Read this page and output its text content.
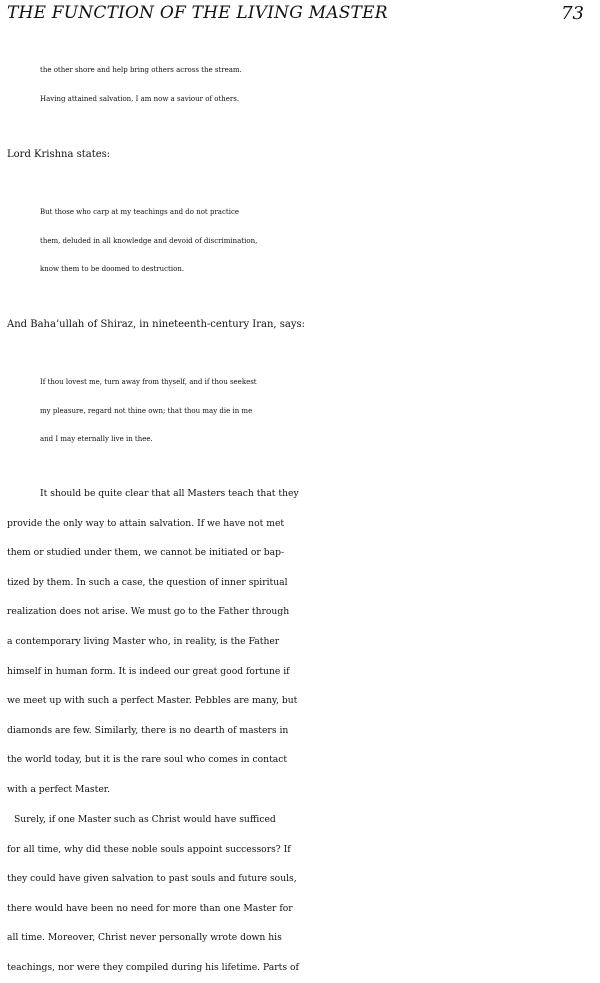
THE FUNCTION OF THE LIVING MASTER	73
the other shore and help bring others across the stream.
Having attained salvation, I am now a saviour of others.
Lord Krishna states:
But those who carp at my teachings and do not practice
them, deluded in all knowledge and devoid of discrimination,
know them to be doomed to destruction.
And Baha’ullah of Shiraz, in nineteenth-century Iran, says:
If thou lovest me, turn away from thyself, and if thou seekest
my pleasure, regard not thine own; that thou may die in me
and I may eternally live in thee.
It should be quite clear that all Masters teach that they
provide the only way to attain salvation. If we have not met
them or studied under them, we cannot be initiated or bap-
tized by them. In such a case, the question of inner spiritual
realization does not arise. We must go to the Father through
a contemporary living Master who, in reality, is the Father
himself in human form. It is indeed our great good fortune if
we meet up with such a perfect Master. Pebbles are many, but
diamonds are few. Similarly, there is no dearth of masters in
the world today, but it is the rare soul who comes in contact
with a perfect Master.
Surely, if one Master such as Christ would have sufficed
for all time, why did these noble souls appoint successors? If
they could have given salvation to past souls and future souls,
there would have been no need for more than one Master for
all time. Moreover, Christ never personally wrote down his
teachings, nor were they compiled during his lifetime. Parts of
